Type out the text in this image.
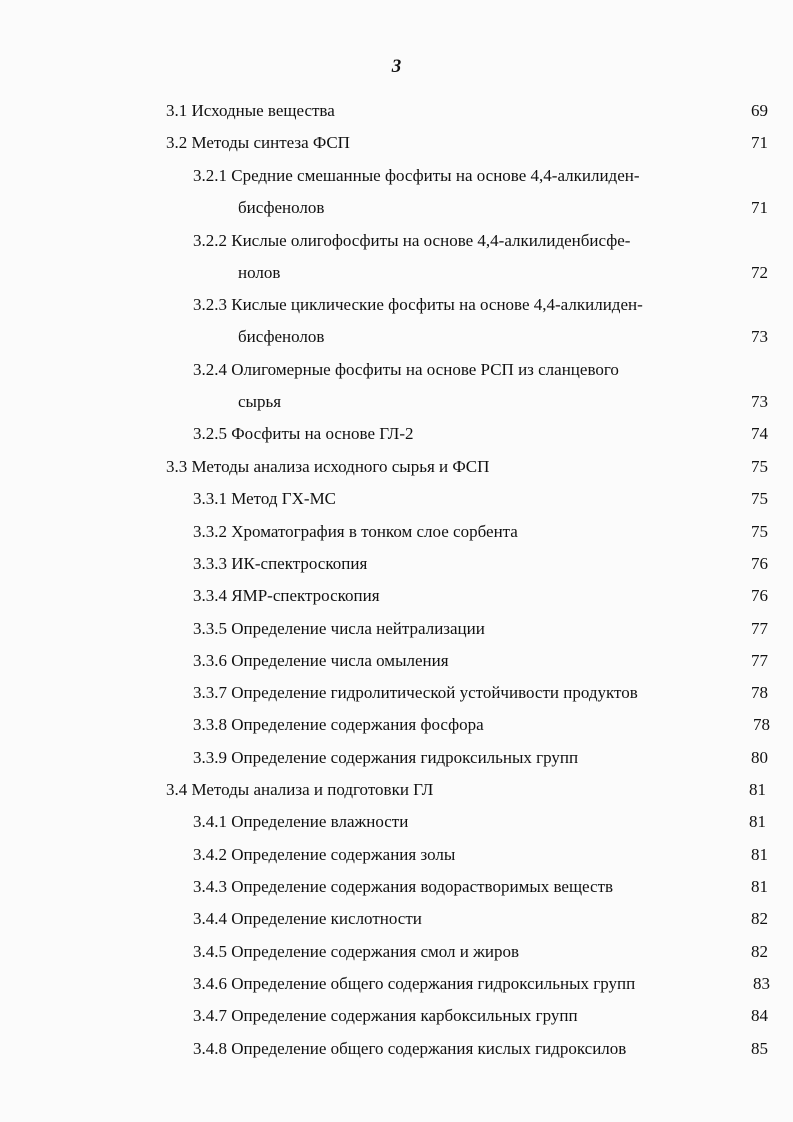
3
3.1 Исходные вещества	69
3.2 Методы синтеза ФСП	71
3.2.1 Средние смешанные фосфиты на основе 4,4-алкилиден-
бисфенолов	71
3.2.2 Кислые олигофосфиты на основе 4,4-алкилиденбисфе-
нолов	72
3.2.3 Кислые циклические фосфиты на основе 4,4-алкилиден-
бисфенолов	73
3.2.4 Олигомерные фосфиты на основе РСП из сланцевого
сырья	73
3.2.5 Фосфиты на основе ГЛ-2	74
3.3 Методы анализа исходного сырья и ФСП	75
3.3.1 Метод ГХ-МС	75
3.3.2 Хроматография в тонком слое сорбента	75
3.3.3 ИК-спектроскопия	76
3.3.4 ЯМР-спектроскопия	76
3.3.5 Определение числа нейтрализации	77
3.3.6 Определение числа омыления	77
3.3.7 Определение гидролитической устойчивости продуктов	78
3.3.8 Определение содержания фосфора	78
3.3.9 Определение содержания гидроксильных групп	80
3.4 Методы анализа и подготовки ГЛ	81
3.4.1 Определение влажности	81
3.4.2 Определение содержания золы	81
3.4.3 Определение содержания водорастворимых веществ	81
3.4.4 Определение кислотности	82
3.4.5 Определение содержания смол и жиров	82
3.4.6 Определение общего содержания гидроксильных групп	83
3.4.7 Определение содержания карбоксильных групп	84
3.4.8 Определение общего содержания кислых гидроксилов	85
